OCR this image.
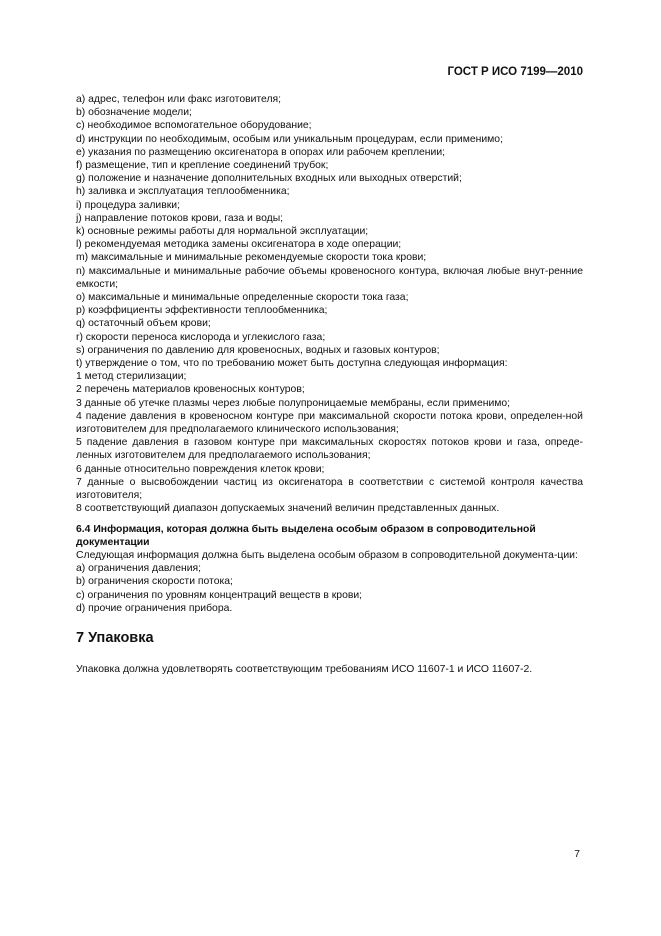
ГОСТ Р ИСО 7199—2010
a) адрес, телефон или факс изготовителя;
b) обозначение модели;
c) необходимое вспомогательное оборудование;
d) инструкции по необходимым, особым или уникальным процедурам, если применимо;
e) указания по размещению оксигенатора в опорах или рабочем креплении;
f) размещение, тип и крепление соединений трубок;
g) положение и назначение дополнительных входных или выходных отверстий;
h) заливка и эксплуатация теплообменника;
i) процедура заливки;
j) направление потоков крови, газа и воды;
k) основные режимы работы для нормальной эксплуатации;
l) рекомендуемая методика замены оксигенатора в ходе операции;
m) максимальные и минимальные рекомендуемые скорости тока крови;
n) максимальные и минимальные рабочие объемы кровеносного контура, включая любые внут-ренние емкости;
o) максимальные и минимальные определенные скорости тока газа;
p) коэффициенты эффективности теплообменника;
q) остаточный объем крови;
r) скорости переноса кислорода и углекислого газа;
s) ограничения по давлению для кровеносных, водных и газовых контуров;
t) утверждение о том, что по требованию может быть доступна следующая информация:
1 метод стерилизации;
2 перечень материалов кровеносных контуров;
3 данные об утечке плазмы через любые полупроницаемые мембраны, если применимо;
4 падение давления в кровеносном контуре при максимальной скорости потока крови, определен-ной изготовителем для предполагаемого клинического использования;
5 падение давления в газовом контуре при максимальных скоростях потоков крови и газа, опреде-ленных изготовителем для предполагаемого использования;
6 данные относительно повреждения клеток крови;
7 данные о высвобождении частиц из оксигенатора в соответствии с системой контроля качества изготовителя;
8 соответствующий диапазон допускаемых значений величин представленных данных.
6.4 Информация, которая должна быть выделена особым образом в сопроводительной документации
Следующая информация должна быть выделена особым образом в сопроводительной документа-ции:
a) ограничения давления;
b) ограничения скорости потока;
c) ограничения по уровням концентраций веществ в крови;
d) прочие ограничения прибора.
7 Упаковка
Упаковка должна удовлетворять соответствующим требованиям ИСО 11607-1 и ИСО 11607-2.
7
